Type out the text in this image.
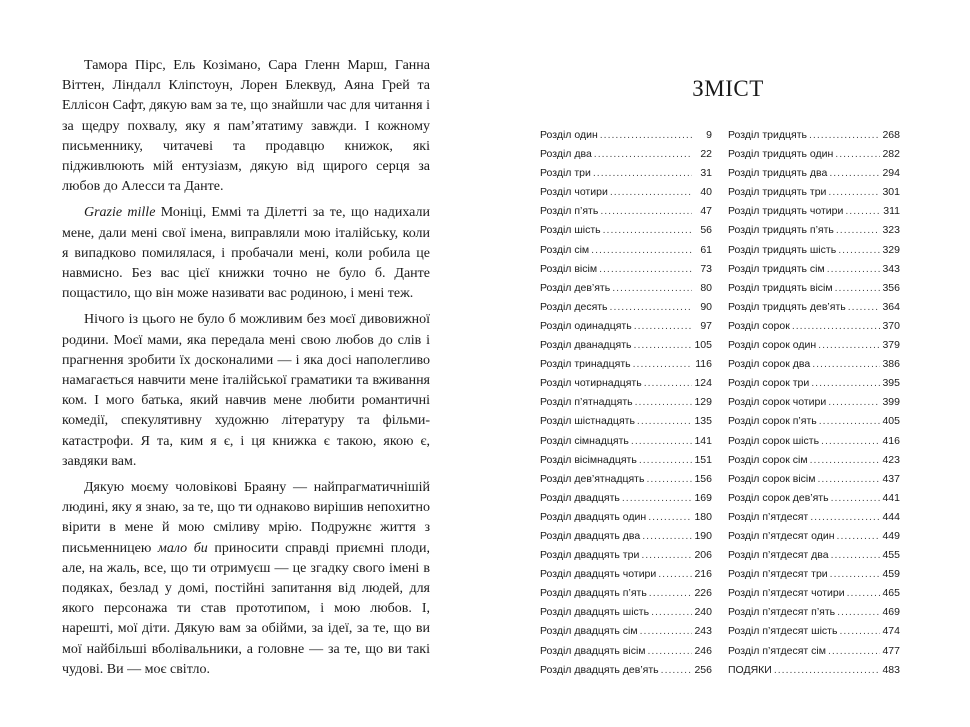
Тамора Пірс, Ель Козімано, Сара Гленн Марш, Ганна Віттен, Ліндалл Кліпстоун, Лорен Блеквуд, Аяна Грей та Еллісон Сафт, дякую вам за те, що знайшли час для читання і за щедру похвалу, яку я пам’ятатиму завжди. І кожному письменнику, читачеві та продавцю книжок, які підживлюють мій ентузіазм, дякую від щирого серця за любов до Алесси та Данте.

Grazie mille Моніці, Еммі та Ділетті за те, що надихали мене, дали мені свої імена, виправляли мою італійську, коли я випадково помилялася, і пробачали мені, коли робила це навмисно. Без вас цієї книжки точно не було б. Данте пощастило, що він може називати вас родиною, і мені теж.

Нічого із цього не було б можливим без моєї дивовижної родини. Моєї мами, яка передала мені свою любов до слів і прагнення зробити їх досконалими — і яка досі наполегливо намагається навчити мене італійської граматики та вживання ком. І мого батька, який навчив мене любити романтичні комедії, спекулятивну художню літературу та фільми-катастрофи. Я та, ким я є, і ця книжка є такою, якою є, завдяки вам.

Дякую моєму чоловікові Браяну — найпрагматичнішій людині, яку я знаю, за те, що ти однаково вирішив непохитно вірити в мене й мою сміливу мрію. Подружнє життя з письменницею мало би приносити справді приємні плоди, але, на жаль, все, що ти отримуєш — це згадку свого імені в подяках, безлад у домі, постійні запитання від людей, для якого персонажа ти став прототипом, і мою любов. І, нарешті, мої діти. Дякую вам за обійми, за ідеї, за те, що ви мої найбільші вболівальники, а головне — за те, що ви такі чудові. Ви — моє світло.

ЗМІСТ
Розділ один .....	9
Розділ два .....	22
Розділ три .....	31
Розділ чотири .....	40
Розділ п’ять .....	47
Розділ шість .....	56
Розділ сім .....	61
Розділ вісім .....	73
Розділ дев’ять .....	80
Розділ десять .....	90
Розділ одинадцять .....	97
Розділ дванадцять .....	105
Розділ тринадцять .....	116
Розділ чотирнадцять .....	124
Розділ п’ятнадцять .....	129
Розділ шістнадцять .....	135
Розділ сімнадцять .....	141
Розділ вісімнадцять .....	151
Розділ дев’ятнадцять .....	156
Розділ двадцять .....	169
Розділ двадцять один .....	180
Розділ двадцять два .....	190
Розділ двадцять три .....	206
Розділ двадцять чотири .....	216
Розділ двадцять п’ять .....	226
Розділ двадцять шість .....	240
Розділ двадцять сім .....	243
Розділ двадцять вісім .....	246
Розділ двадцять дев’ять .....	256
Розділ тридцять .....	268
Розділ тридцять один .....	282
Розділ тридцять два .....	294
Розділ тридцять три .....	301
Розділ тридцять чотири .....	311
Розділ тридцять п’ять .....	323
Розділ тридцять шість .....	329
Розділ тридцять сім .....	343
Розділ тридцять вісім .....	356
Розділ тридцять дев’ять .....	364
Розділ сорок .....	370
Розділ сорок один .....	379
Розділ сорок два .....	386
Розділ сорок три .....	395
Розділ сорок чотири .....	399
Розділ сорок п’ять .....	405
Розділ сорок шість .....	416
Розділ сорок сім .....	423
Розділ сорок вісім .....	437
Розділ сорок дев’ять .....	441
Розділ п’ятдесят .....	444
Розділ п’ятдесят один .....	449
Розділ п’ятдесят два .....	455
Розділ п’ятдесят три .....	459
Розділ п’ятдесят чотири .....	465
Розділ п’ятдесят п’ять .....	469
Розділ п’ятдесят шість .....	474
Розділ п’ятдесят сім .....	477
ПОДЯКИ .....	483
